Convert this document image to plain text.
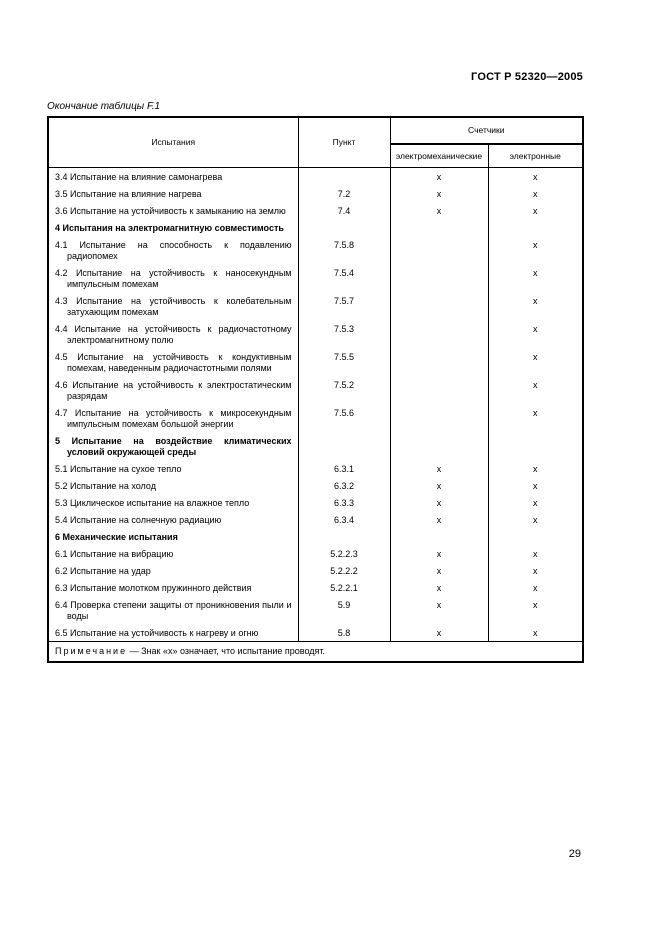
ГОСТ Р 52320—2005
Окончание таблицы F.1
Испытания	Пункт	Счетчики	
		электромеханические	электронные

3.4 Испытание на влияние самонагрева		х	х

3.5 Испытание на влияние нагрева	7.2	х	х

3.6 Испытание на устойчивость к замыканию на землю	7.4	х	х

4 Испытания на электромагнитную совместимость			

4.1 Испытание на способность к подавлению радиопомех	7.5.8		х

4.2 Испытание на устойчивость к наносекундным импульсным помехам	7.5.4		х

4.3 Испытание на устойчивость к колебательным затухающим помехам	7.5.7		х

4.4 Испытание на устойчивость к радиочастотному электромагнитному полю	7.5.3		х

4.5 Испытание на устойчивость к кондуктивным помехам, наведенным радиочастотными полями	7.5.5		х

4.6 Испытание на устойчивость к электростатическим разрядам	7.5.2		х

4.7 Испытание на устойчивость к микросекундным импульсным помехам большой энергии	7.5.6		х

5 Испытание на воздействие климатических условий окружающей среды			

5.1 Испытание на сухое тепло	6.3.1	х	х

5.2 Испытание на холод	6.3.2	х	х

5.3 Циклическое испытание на влажное тепло	6.3.3	х	х

5.4 Испытание на солнечную радиацию	6.3.4	х	х

6 Механические испытания			

6.1 Испытание на вибрацию	5.2.2.3	х	х

6.2 Испытание на удар	5.2.2.2	х	х

6.3 Испытание молотком пружинного действия	5.2.2.1	х	х

6.4 Проверка степени защиты от проникновения пыли и воды	5.9	х	х

6.5 Испытание на устойчивость к нагреву и огню	5.8	х	х
Примечание — Знак «х» означает, что испытание проводят.			
29
